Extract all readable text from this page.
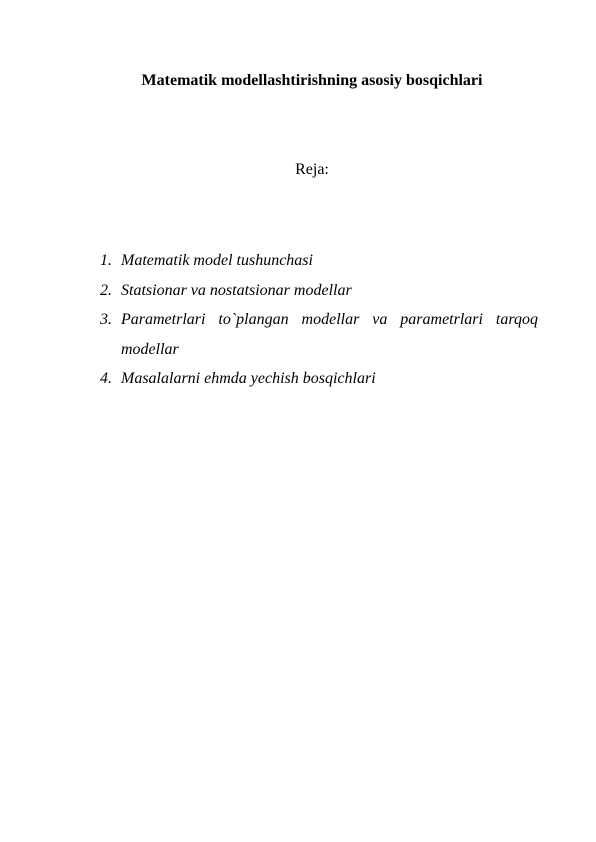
Matematik modellashtirishning asosiy bosqichlari

Reja:

1. Matematik model tushunchasi
2. Statsionar va nostatsionar modellar
3. Parametrlari to`plangan modellar va parametrlari tarqoq modellar
4. Masalalarni ehmda yechish bosqichlari
